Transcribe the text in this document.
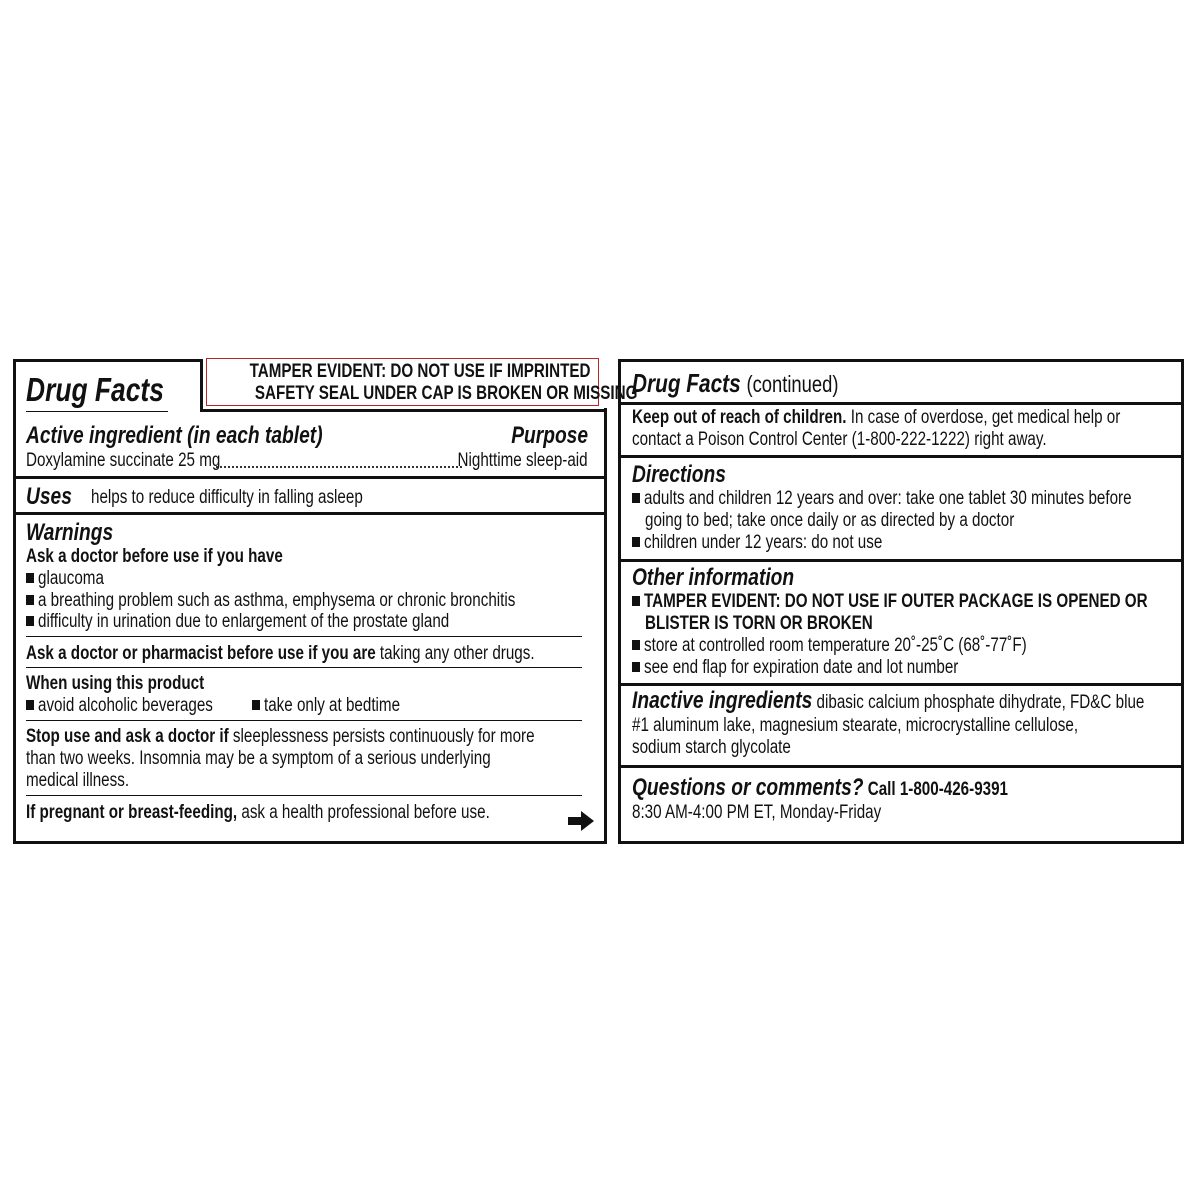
TAMPER EVIDENT: DO NOT USE IF IMPRINTED
SAFETY SEAL UNDER CAP IS BROKEN OR MISSING
Drug Facts
Active ingredient (in each tablet)	Purpose
Doxylamine succinate 25 mg	Nighttime sleep-aid
Uses	helps to reduce difficulty in falling asleep
Warnings
Ask a doctor before use if you have
glaucoma
a breathing problem such as asthma, emphysema or chronic bronchitis
difficulty in urination due to enlargement of the prostate gland
Ask a doctor or pharmacist before use if you are taking any other drugs.
When using this product
avoid alcoholic beverages	take only at bedtime
Stop use and ask a doctor if sleeplessness persists continuously for more
than two weeks. Insomnia may be a symptom of a serious underlying
medical illness.
If pregnant or breast-feeding, ask a health professional before use.
Drug Facts (continued)
Keep out of reach of children. In case of overdose, get medical help or
contact a Poison Control Center (1-800-222-1222) right away.
Directions
adults and children 12 years and over: take one tablet 30 minutes before
going to bed; take once daily or as directed by a doctor
children under 12 years: do not use
Other information
TAMPER EVIDENT: DO NOT USE IF OUTER PACKAGE IS OPENED OR
BLISTER IS TORN OR BROKEN
store at controlled room temperature 20˚-25˚C (68˚-77˚F)
see end flap for expiration date and lot number
Inactive ingredients dibasic calcium phosphate dihydrate, FD&C blue
#1 aluminum lake, magnesium stearate, microcrystalline cellulose,
sodium starch glycolate
Questions or comments? Call 1-800-426-9391
8:30 AM-4:00 PM ET, Monday-Friday
